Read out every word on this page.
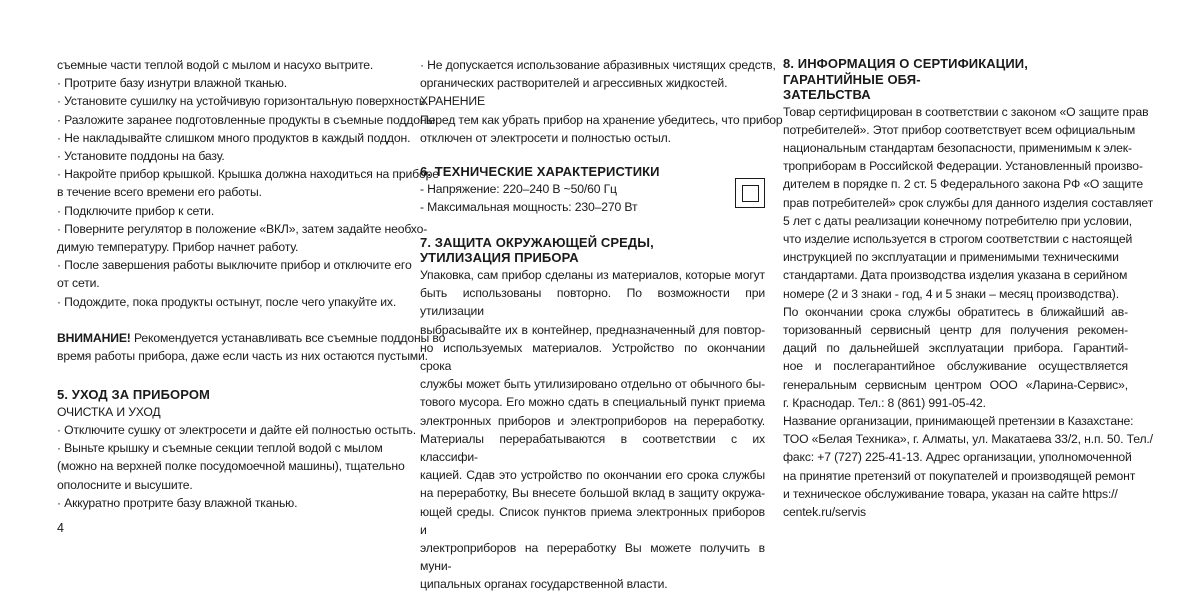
съемные части теплой водой с мылом и насухо вытрите.
· Протрите базу изнутри влажной тканью.
· Установите сушилку на устойчивую горизонтальную поверхность.
· Разложите заранее подготовленные продукты в съемные поддоны.
· Не накладывайте слишком много продуктов в каждый поддон.
· Установите поддоны на базу.
· Накройте прибор крышкой. Крышка должна находиться на приборе
в течение всего времени его работы.
· Подключите прибор к сети.
· Поверните регулятор в положение «ВКЛ», затем задайте необхо-
димую температуру. Прибор начнет работу.
· После завершения работы выключите прибор и отключите его
от сети.
· Подождите, пока продукты остынут, после чего упакуйте их.
ВНИМАНИЕ! Рекомендуется устанавливать все съемные поддоны во
время работы прибора, даже если часть из них остаются пустыми.
5. УХОД ЗА ПРИБОРОМ
ОЧИСТКА И УХОД
· Отключите сушку от электросети и дайте ей полностью остыть.
· Выньте крышку и съемные секции теплой водой с мылом
(можно на верхней полке посудомоечной машины), тщательно
ополосните и высушите.
· Аккуратно протрите базу влажной тканью.
· Не допускается использование абразивных чистящих средств,
органических растворителей и агрессивных жидкостей.
ХРАНЕНИЕ
Перед тем как убрать прибор на хранение убедитесь, что прибор
отключен от электросети и полностью остыл.
6. ТЕХНИЧЕСКИЕ ХАРАКТЕРИСТИКИ
- Напряжение: 220–240 В ~50/60 Гц
- Максимальная мощность: 230–270 Вт
7. ЗАЩИТА ОКРУЖАЮЩЕЙ СРЕДЫ,
УТИЛИЗАЦИЯ ПРИБОРА
Упаковка, сам прибор сделаны из материалов, которые могут
быть использованы повторно. По возможности при утилизации
выбрасывайте их в контейнер, предназначенный для повтор-
но используемых материалов. Устройство по окончании срока
службы может быть утилизировано отдельно от обычного бы-
тового мусора. Его можно сдать в специальный пункт приема
электронных приборов и электроприборов на переработку.
Материалы перерабатываются в соответствии с их классифи-
кацией. Сдав это устройство по окончании его срока службы
на переработку, Вы внесете большой вклад в защиту окружа-
ющей среды. Список пунктов приема электронных приборов и
электроприборов на переработку Вы можете получить в муни-
ципальных органах государственной власти.
8. ИНФОРМАЦИЯ О СЕРТИФИКАЦИИ, ГАРАНТИЙНЫЕ ОБЯ-
ЗАТЕЛЬСТВА
Товар сертифицирован в соответствии с законом «О защите прав
потребителей». Этот прибор соответствует всем официальным
национальным стандартам безопасности, применимым к элек-
троприборам в Российской Федерации. Установленный произво-
дителем в порядке п. 2 ст. 5 Федерального закона РФ «О защите
прав потребителей» срок службы для данного изделия составляет
5 лет с даты реализации конечному потребителю при условии,
что изделие используется в строгом соответствии с настоящей
инструкцией по эксплуатации и применимыми техническими
стандартами. Дата производства изделия указана в серийном
номере (2 и 3 знаки - год, 4 и 5 знаки – месяц производства).
По окончании срока службы обратитесь в ближайший ав-
торизованный сервисный центр для получения рекомен-
даций по дальнейшей эксплуатации прибора. Гарантий-
ное и послегарантийное обслуживание осуществляется
генеральным сервисным центром ООО «Ларина-Сервис»,
г. Краснодар. Тел.: 8 (861) 991-05-42.
Название организации, принимающей претензии в Казахстане:
ТОО «Белая Техника», г. Алматы, ул. Макатаева 33/2, н.п. 50. Тел./
факс: +7 (727) 225-41-13. Адрес организации, уполномоченной
на принятие претензий от покупателей и производящей ремонт
и техническое обслуживание товара, указан на сайте https://
centek.ru/servis
4
